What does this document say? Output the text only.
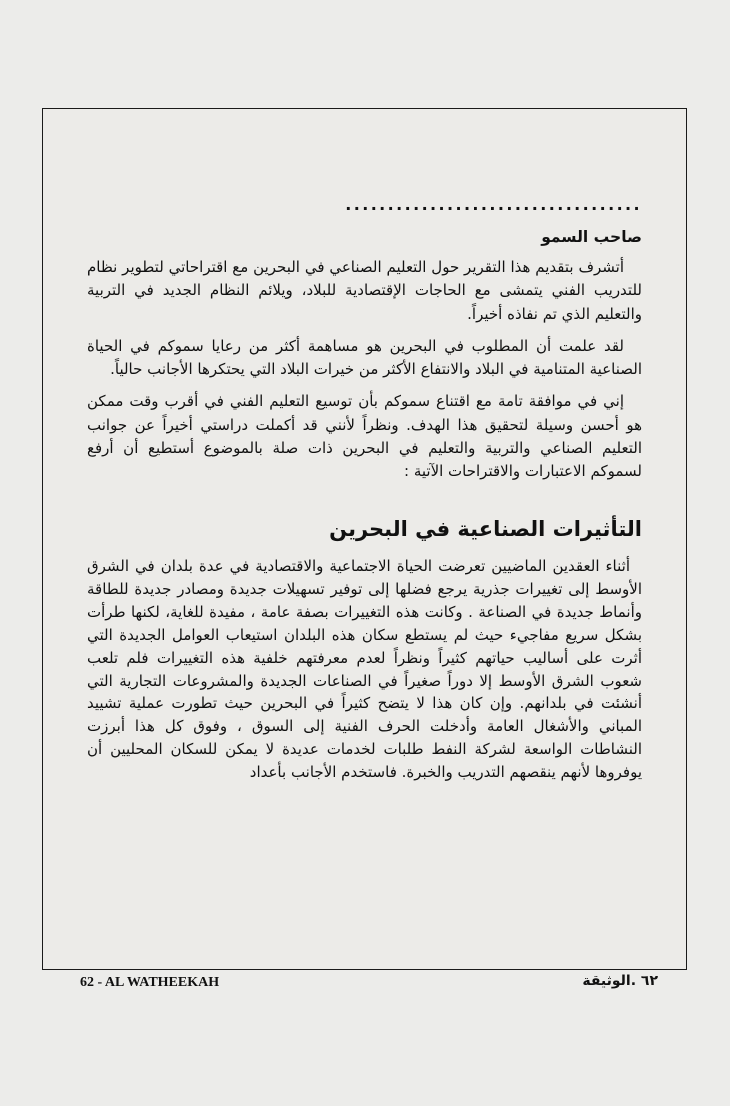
...................................

صاحب السمو

أتشرف بتقديم هذا التقرير حول التعليم الصناعي في البحرين مع اقتراحاتي لتطوير نظام للتدريب الفني يتمشى مع الحاجات الإقتصادية للبلاد، ويلائم النظام الجديد في التربية والتعليم الذي تم نفاذه أخيراً.

لقد علمت أن المطلوب في البحرين هو مساهمة أكثر من رعايا سموكم في الحياة الصناعية المتنامية في البلاد والانتفاع الأكثر من خيرات البلاد التي يحتكرها الأجانب حالياً.

إني في موافقة تامة مع اقتناع سموكم بأن توسيع التعليم الفني في أقرب وقت ممكن هو أحسن وسيلة لتحقيق هذا الهدف. ونظراً لأنني قد أكملت دراستي أخيراً عن جوانب التعليم الصناعي والتربية والتعليم في البحرين ذات صلة بالموضوع أستطيع أن أرفع لسموكم الاعتبارات والاقتراحات الآتية :

التأثيرات الصناعية في البحرين

أثناء العقدين الماضيين تعرضت الحياة الاجتماعية والاقتصادية في عدة بلدان في الشرق الأوسط إلى تغييرات جذرية يرجع فضلها إلى توفير تسهيلات جديدة ومصادر جديدة للطاقة وأنماط جديدة في الصناعة . وكانت هذه التغييرات بصفة عامة ، مفيدة للغاية، لكنها طرأت بشكل سريع مفاجيء حيث لم يستطع سكان هذه البلدان استيعاب العوامل الجديدة التي أثرت على أساليب حياتهم كثيراً ونظراً لعدم معرفتهم خلفية هذه التغييرات فلم تلعب شعوب الشرق الأوسط إلا دوراً صغيراً في الصناعات الجديدة والمشروعات التجارية التي أنشئت في بلدانهم. وإن كان هذا لا يتضح كثيراً في البحرين حيث تطورت عملية تشييد المباني والأشغال العامة وأدخلت الحرف الفنية إلى السوق ، وفوق كل هذا أبرزت النشاطات الواسعة لشركة النفط طلبات لخدمات عديدة لا يمكن للسكان المحليين أن يوفروها لأنهم ينقصهم التدريب والخبرة. فاستخدم الأجانب بأعداد

62 - AL WATHEEKAH	٦٢ .الوثيقة
